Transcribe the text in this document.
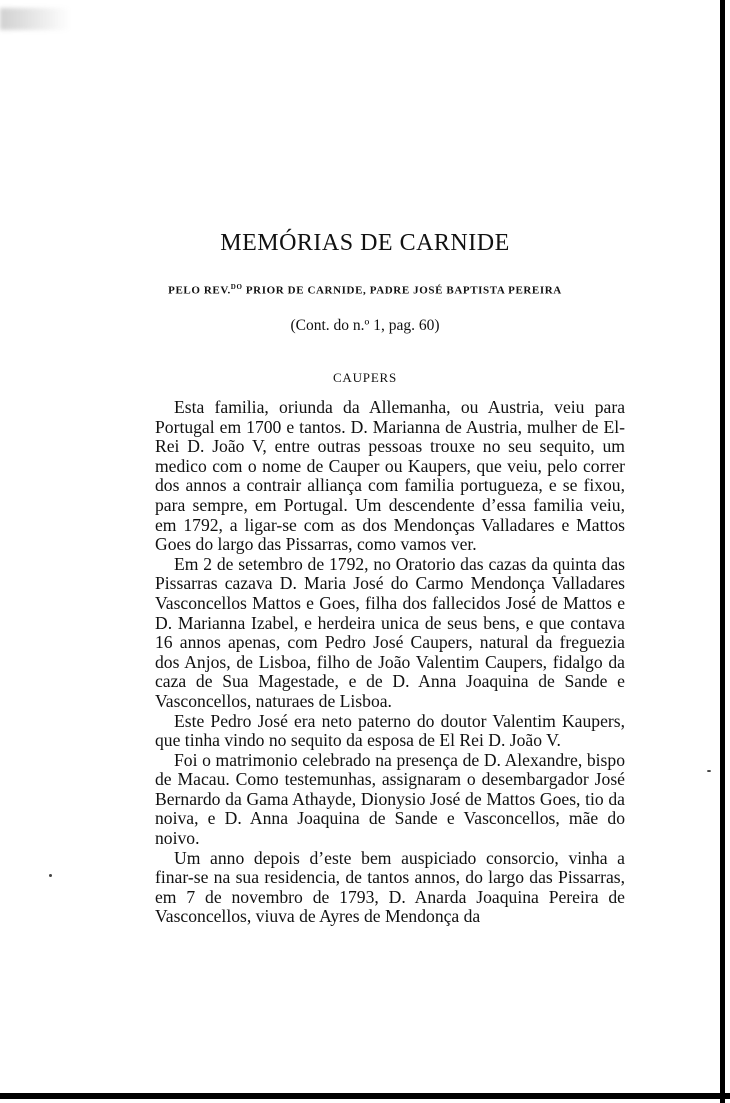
MEMÓRIAS DE CARNIDE
PELO REV.$^{DO}$ PRIOR DE CARNIDE, PADRE JOSÉ BAPTISTA PEREIRA
(Cont. do n.º 1, pag. 60)
CAUPERS

Esta familia, oriunda da Allemanha, ou Austria, veiu para Portugal em 1700 e tantos. D. Marianna de Austria, mulher de El-Rei D. João V, entre outras pessoas trouxe no seu sequito, um medico com o nome de Cauper ou Kaupers, que veiu, pelo correr dos annos a contrair alliança com familia portugueza, e se fixou, para sempre, em Portugal. Um descendente d’essa familia veiu, em 1792, a ligar-se com as dos Mendonças Valladares e Mattos Goes do largo das Pissarras, como vamos ver.

Em 2 de setembro de 1792, no Oratorio das cazas da quinta das Pissarras cazava D. Maria José do Carmo Mendonça Valladares Vasconcellos Mattos e Goes, filha dos fallecidos José de Mattos e D. Marianna Izabel, e herdeira unica de seus bens, e que contava 16 annos apenas, com Pedro José Caupers, natural da freguezia dos Anjos, de Lisboa, filho de João Valentim Caupers, fidalgo da caza de Sua Magestade, e de D. Anna Joaquina de Sande e Vasconcellos, naturaes de Lisboa.

Este Pedro José era neto paterno do doutor Valentim Kaupers, que tinha vindo no sequito da esposa de El Rei D. João V.

Foi o matrimonio celebrado na presença de D. Alexandre, bispo de Macau. Como testemunhas, assignaram o desembargador José Bernardo da Gama Athayde, Dionysio José de Mattos Goes, tio da noiva, e D. Anna Joaquina de Sande e Vasconcellos, mãe do noivo.

Um anno depois d’este bem auspiciado consorcio, vinha a finar-se na sua residencia, de tantos annos, do largo das Pissarras, em 7 de novembro de 1793, D. Anarda Joaquina Pereira de Vasconcellos, viuva de Ayres de Mendonça da
